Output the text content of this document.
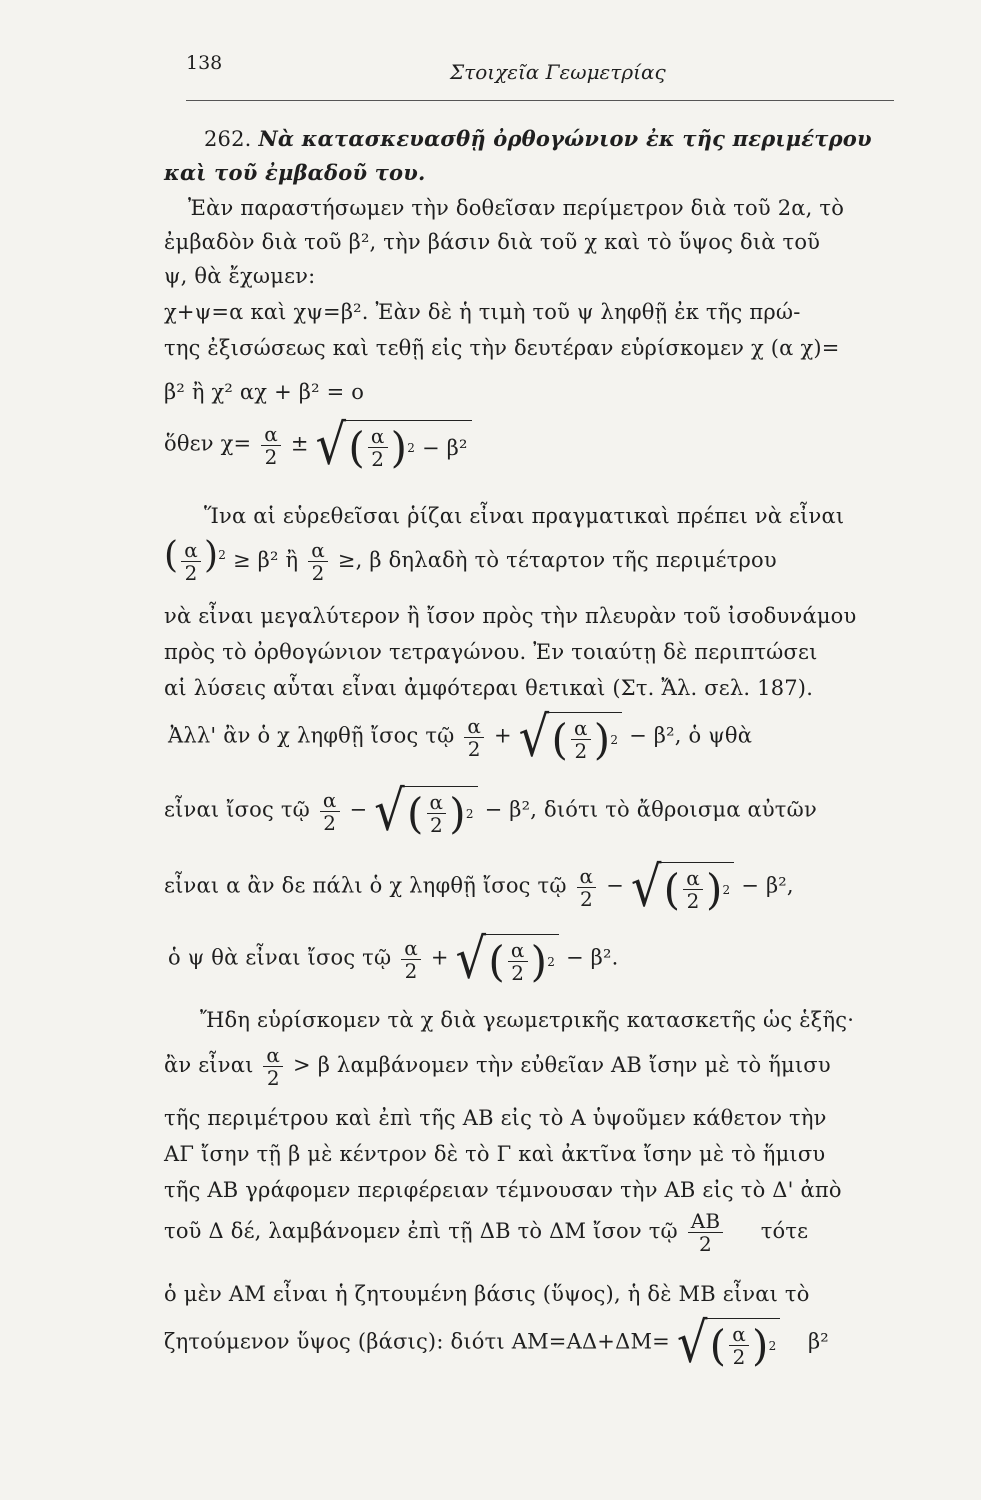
138	Στοιχεῖα Γεωμετρίας
262. Νὰ κατασκευασθῇ ὀρθογώνιον ἐκ τῆς περιμέτρου
καὶ τοῦ ἐμβαδοῦ του.
Ἐὰν παραστήσωμεν τὴν δοθεῖσαν περίμετρον διὰ τοῦ 2α, τὸ
ἐμβαδὸν διὰ τοῦ β², τὴν βάσιν διὰ τοῦ χ καὶ τὸ ὕψος διὰ τοῦ
ψ, θὰ ἔχωμεν:
χ+ψ=α καὶ χψ=β². Ἐὰν δὲ ἡ τιμὴ τοῦ ψ ληφθῇ ἐκ τῆς πρώ-
της ἐξισώσεως καὶ τεθῇ εἰς τὴν δευτέραν εὑρίσκομεν χ (α χ)=
β² ἢ χ² αχ + β² = ο
ὅθεν $\chi= \frac{\alpha}{2}$ ± √ ( $\frac{\alpha}{2}$ ) 2
−
β²
Ἵνα αἱ εὑρεθεῖσαι ῥίζαι εἶναι πραγματικαὶ πρέπει νὰ εἶναι
( $\frac{\alpha}{2} )^2 \ge \beta^2$ ἢ $\frac{\alpha}{2}$ ≥, β δηλαδὴ τὸ τέταρτον τῆς περιμέτρου
νὰ εἶναι μεγαλύτερον ἢ ἴσον πρὸς τὴν πλευρὰν τοῦ ἰσοδυνάμου
πρὸς τὸ ὀρθογώνιον τετραγώνου. Ἐν τοιαύτῃ δὲ περιπτώσει
αἱ λύσεις αὗται εἶναι ἀμφότεραι θετικαὶ (Στ. Ἄλ. σελ. 187).
Ἀλλ' ἂν ὁ χ ληφθῇ ἴσος τῷ $\frac{\alpha}{2}$ + √ ( $\frac{\alpha}{2}$ ) 2 − β², ὁ ψθὰ
εἶναι ἴσος τῷ $\frac{\alpha}{2}$ − √ ( $\frac{\alpha}{2}$ ) 2 − β², διότι τὸ ἄθροισμα αὐτῶν
εἶναι α ἂν δε πάλι ὁ χ ληφθῇ ἴσος τῷ $\frac{\alpha}{2}$ − √ ( $\frac{\alpha}{2}$ ) 2 − β²,
ὁ ψ θὰ εἶναι ἴσος τῷ $\frac{\alpha}{2}$ + √ ( $\frac{\alpha}{2}$ ) 2 − β².
Ἤδη εὑρίσκομεν τὰ χ διὰ γεωμετρικῆς κατασκετῆς ὡς ἑξῆς·
ἂν εἶναι $\frac{\alpha}{2} > \beta$ λαμβάνομεν τὴν εὐθεῖαν ΑΒ ἴσην μὲ τὸ ἥμισυ
τῆς περιμέτρου καὶ ἐπὶ τῆς ΑΒ εἰς τὸ Α ὑψοῦμεν κάθετον τὴν
ΑΓ ἴσην τῇ β μὲ κέντρον δὲ τὸ Γ καὶ ἀκτῖνα ἴσην μὲ τὸ ἥμισυ
τῆς ΑΒ γράφομεν περιφέρειαν τέμνουσαν τὴν ΑΒ εἰς τὸ Δ' ἀπὸ
τοῦ Δ δέ, λαμβάνομεν ἐπὶ τῇ ΔΒ τὸ ΔΜ ἴσον τῷ $\frac{AB}{2}$ τότε
ὁ μὲν ΑΜ εἶναι ἡ ζητουμένη βάσις (ὕψος), ἡ δὲ ΜΒ εἶναι τὸ
ζητούμενον ὕψος (βάσις): διότι ΑΜ=ΑΔ+ΔΜ= √ ( $\frac{\alpha}{2}$ ) 2 β²
